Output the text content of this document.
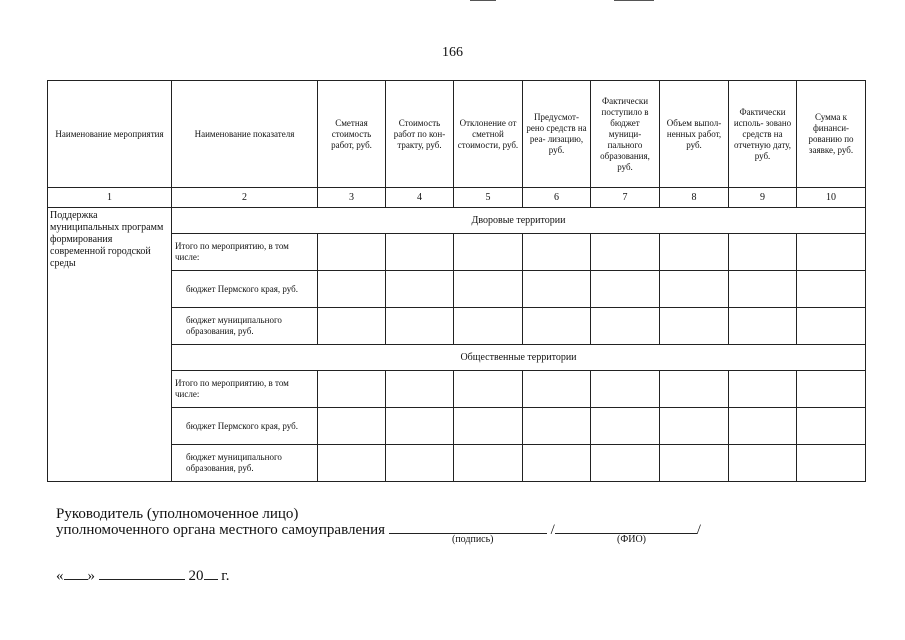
166
Наименование мероприятия	Наименование показателя	Сметная стоимость работ, руб.	Стоимость работ по кон- тракту, руб.	Отклонение от сметной стоимости, руб.	Предусмот- рено средств на реа- лизацию, руб.	Фактически поступило в бюджет муници- пального образования, руб.	Объем выпол- ненных работ, руб.	Фактически исполь- зовано средств на отчетную дату, руб.	Сумма к финанси- рованию по заявке, руб.
1	2	3	4	5	6	7	8	9	10
Поддержка муниципальных программ формирования современной городской среды	Дворовые территории								
	Итого по мероприятию, в том числе:								
	бюджет Пермского края, руб.								
	бюджет муниципального образования, руб.								
	Общественные территории								
	Итого по мероприятию, в том числе:								
	бюджет Пермского края, руб.								
	бюджет муниципального образования, руб.								
Руководитель (уполномоченное лицо)
уполномоченного органа местного самоуправления	/	/
(подпись)	(ФИО)
« »	20 г.
